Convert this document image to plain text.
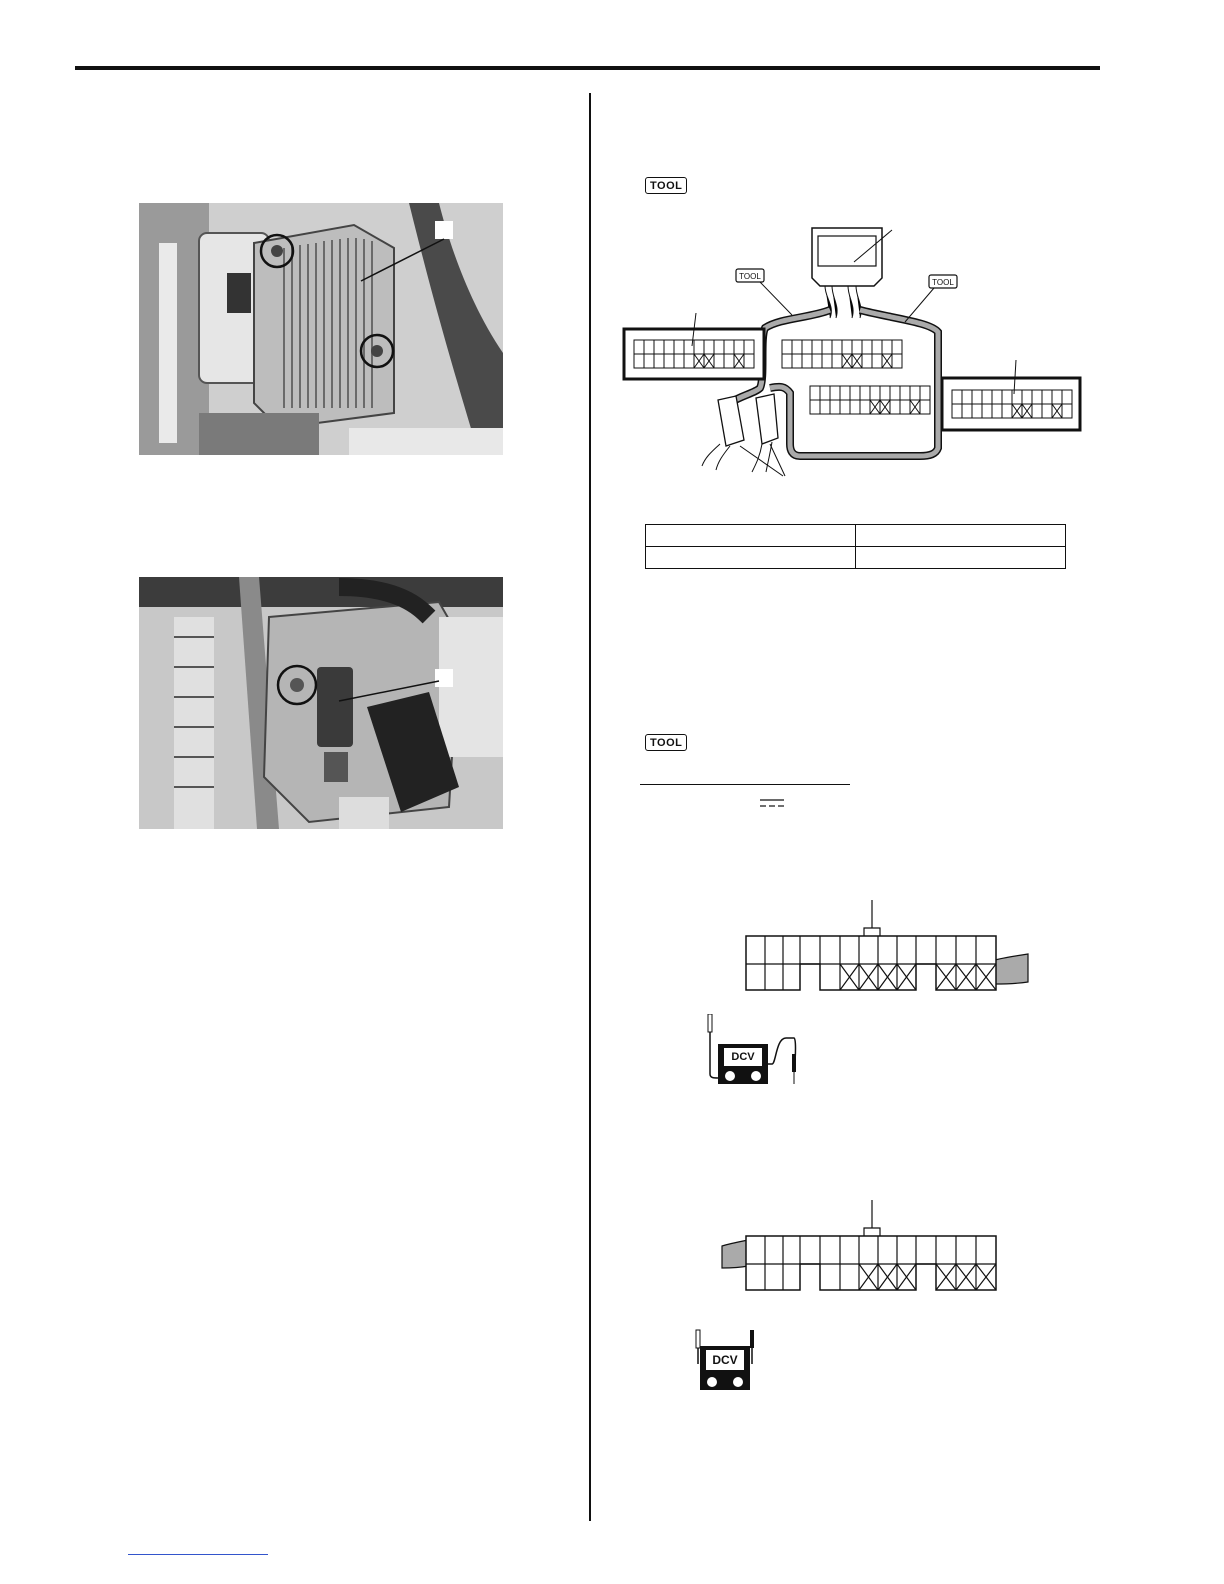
TOOL
TOOL
TOOL

TOOL
DCV
DCV
